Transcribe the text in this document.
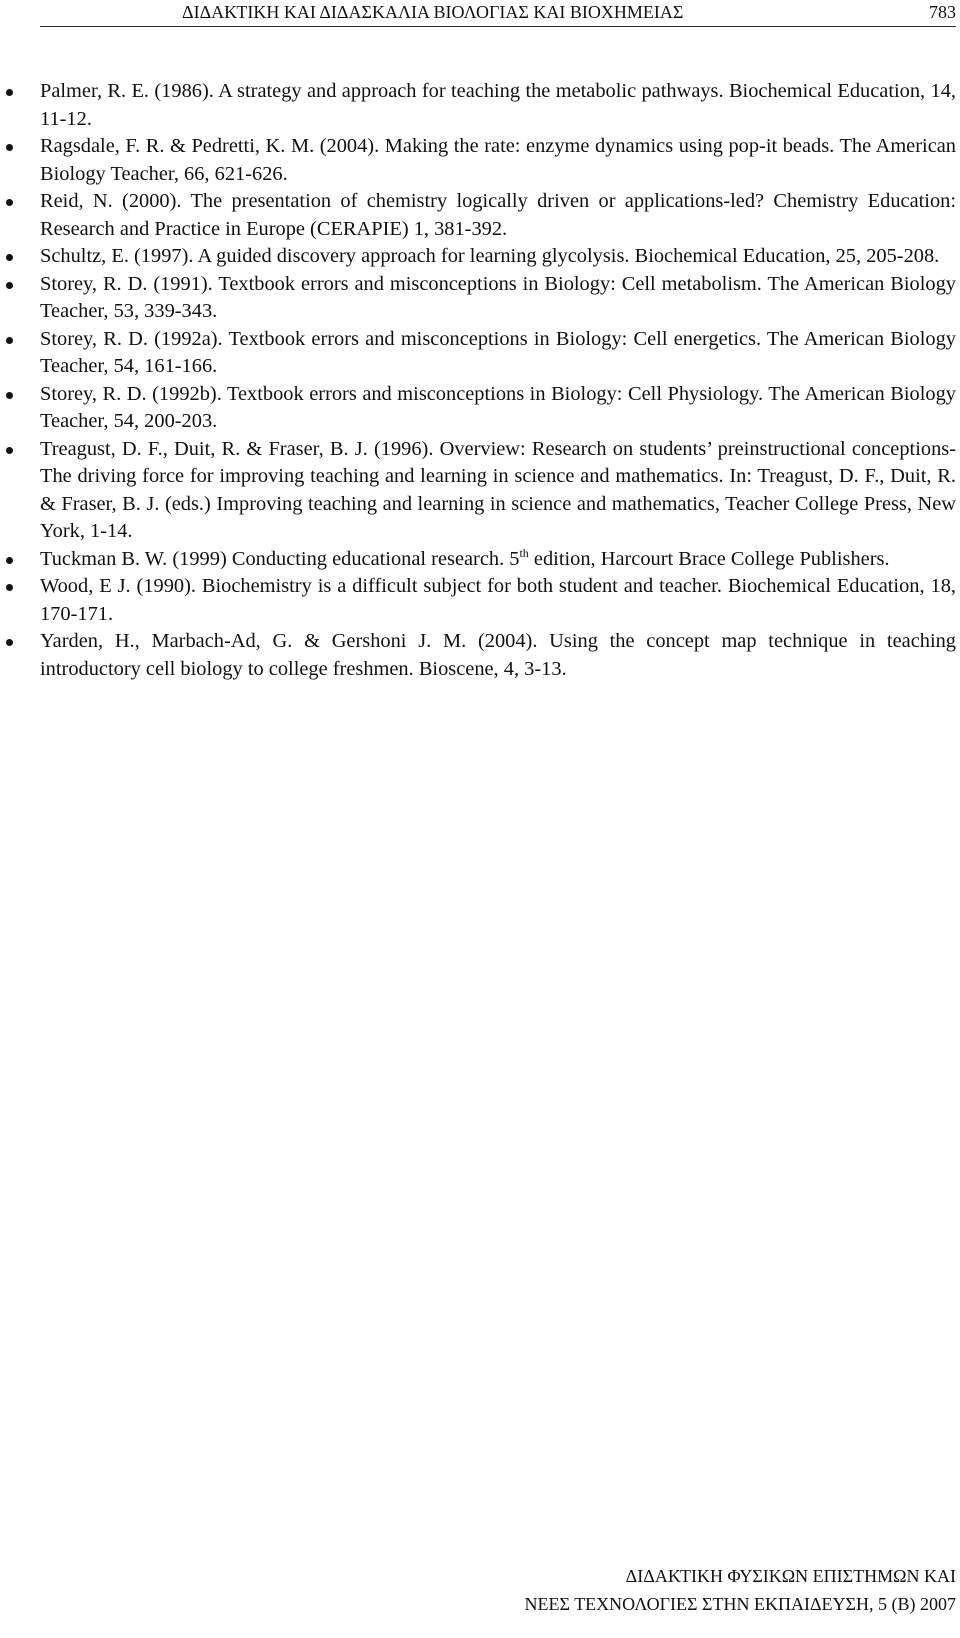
ΔΙΔΑΚΤΙΚΗ ΚΑΙ ΔΙΔΑΣΚΑΛΙΑ ΒΙΟΛΟΓΙΑΣ ΚΑΙ ΒΙΟΧΗΜΕΙΑΣ	783
Palmer, R. E. (1986). A strategy and approach for teaching the metabolic pathways. Biochemical Education, 14, 11-12.
Ragsdale, F. R. & Pedretti, K. M. (2004). Making the rate: enzyme dynamics using pop-it beads. The American Biology Teacher, 66, 621-626.
Reid, N. (2000). The presentation of chemistry logically driven or applications-led? Chemistry Education: Research and Practice in Europe (CERAPIE) 1, 381-392.
Schultz, E. (1997). A guided discovery approach for learning glycolysis. Biochemical Education, 25, 205-208.
Storey, R. D. (1991). Textbook errors and misconceptions in Biology: Cell metabolism. The American Biology Teacher, 53, 339-343.
Storey, R. D. (1992a). Textbook errors and misconceptions in Biology: Cell energetics. The American Biology Teacher, 54, 161-166.
Storey, R. D. (1992b). Textbook errors and misconceptions in Biology: Cell Physiology. The American Biology Teacher, 54, 200-203.
Treagust, D. F., Duit, R. & Fraser, B. J. (1996). Overview: Research on students’ preinstructional conceptions-The driving force for improving teaching and learning in science and mathematics. In: Treagust, D. F., Duit, R. & Fraser, B. J. (eds.) Improving teaching and learning in science and mathematics, Teacher College Press, New York, 1-14.
Tuckman B. W. (1999) Conducting educational research. 5th edition, Harcourt Brace College Publishers.
Wood, E J. (1990). Biochemistry is a difficult subject for both student and teacher. Biochemical Education, 18, 170-171.
Yarden, H., Marbach-Ad, G. & Gershoni J. M. (2004). Using the concept map technique in teaching introductory cell biology to college freshmen. Bioscene, 4, 3-13.
ΔΙΔΑΚΤΙΚΗ ΦΥΣΙΚΩΝ ΕΠΙΣΤΗΜΩΝ ΚΑΙ
ΝΕΕΣ ΤΕΧΝΟΛΟΓΙΕΣ ΣΤΗΝ ΕΚΠΑΙΔΕΥΣΗ, 5 (Β) 2007
